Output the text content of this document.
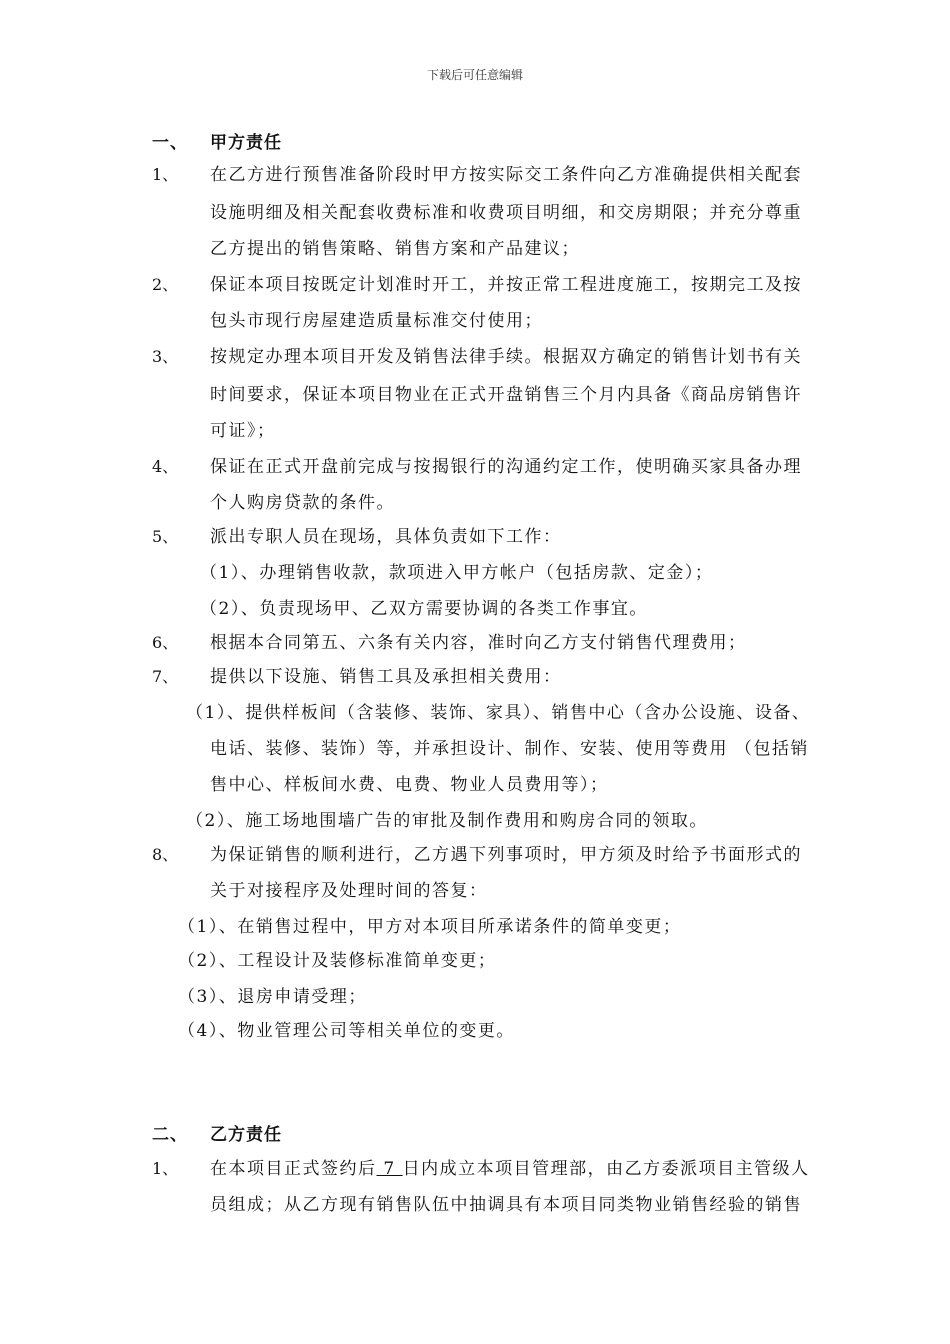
下载后可任意编辑
一、 甲方责任
1、 在乙方进行预售准备阶段时甲方按实际交工条件向乙方准确提供相关配套
设施明细及相关配套收费标准和收费项目明细，和交房期限；并充分尊重
乙方提出的销售策略、销售方案和产品建议；
2、 保证本项目按既定计划准时开工，并按正常工程进度施工，按期完工及按
包头市现行房屋建造质量标准交付使用；
3、 按规定办理本项目开发及销售法律手续。根据双方确定的销售计划书有关
时间要求，保证本项目物业在正式开盘销售三个月内具备《商品房销售许
可证》；
4、 保证在正式开盘前完成与按揭银行的沟通约定工作，使明确买家具备办理
个人购房贷款的条件。
5、 派出专职人员在现场，具体负责如下工作：
（1）、办理销售收款，款项进入甲方帐户（包括房款、定金）；
（2）、负责现场甲、乙双方需要协调的各类工作事宜。
6、 根据本合同第五、六条有关内容，准时向乙方支付销售代理费用；
7、 提供以下设施、销售工具及承担相关费用：
（1）、提供样板间（含装修、装饰、家具）、销售中心（含办公设施、设备、
电话、装修、装饰）等，并承担设计、制作、安装、使用等费用 （包括销
售中心、样板间水费、电费、物业人员费用等）；
（2）、施工场地围墙广告的审批及制作费用和购房合同的领取。
8、 为保证销售的顺利进行，乙方遇下列事项时，甲方须及时给予书面形式的
关于对接程序及处理时间的答复：
（1）、在销售过程中，甲方对本项目所承诺条件的简单变更；
（2）、工程设计及装修标准简单变更；
（3）、退房申请受理；
（4）、物业管理公司等相关单位的变更。
二、 乙方责任
1、 在本项目正式签约后 7 日内成立本项目管理部，由乙方委派项目主管级人
员组成；从乙方现有销售队伍中抽调具有本项目同类物业销售经验的销售
